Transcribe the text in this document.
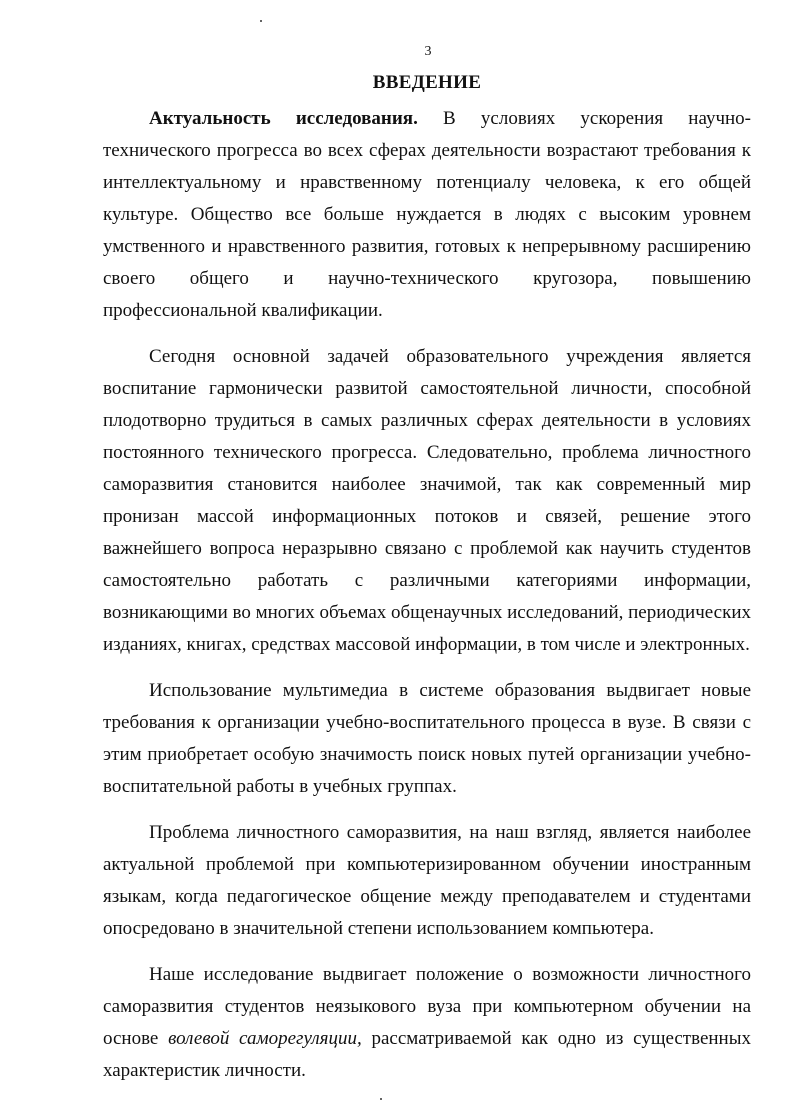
3
ВВЕДЕНИЕ

Актуальность исследования. В условиях ускорения научно-технического прогресса во всех сферах деятельности возрастают требования к интеллектуальному и нравственному потенциалу человека, к его общей культуре. Общество все больше нуждается в людях с высоким уровнем умственного и нравственного развития, готовых к непрерывному расширению своего общего и научно-технического кругозора, повышению профессиональной квалификации.

Сегодня основной задачей образовательного учреждения является воспитание гармонически развитой самостоятельной личности, способной плодотворно трудиться в самых различных сферах деятельности в условиях постоянного технического прогресса. Следовательно, проблема личностного саморазвития становится наиболее значимой, так как современный мир пронизан массой информационных потоков и связей, решение этого важнейшего вопроса неразрывно связано с проблемой как научить студентов самостоятельно работать с различными категориями информации, возникающими во многих объемах общенаучных исследований, периодических изданиях, книгах, средствах массовой информации, в том числе и электронных.

Использование мультимедиа в системе образования выдвигает новые требования к организации учебно-воспитательного процесса в вузе. В связи с этим приобретает особую значимость поиск новых путей организации учебно-воспитательной работы в учебных группах.

Проблема личностного саморазвития, на наш взгляд, является наиболее актуальной проблемой при компьютеризированном обучении иностранным языкам, когда педагогическое общение между преподавателем и студентами опосредовано в значительной степени использованием компьютера.

Наше исследование выдвигает положение о возможности личностного саморазвития студентов неязыкового вуза при компьютерном обучении на основе волевой саморегуляции, рассматриваемой как одно из существенных характеристик личности.
